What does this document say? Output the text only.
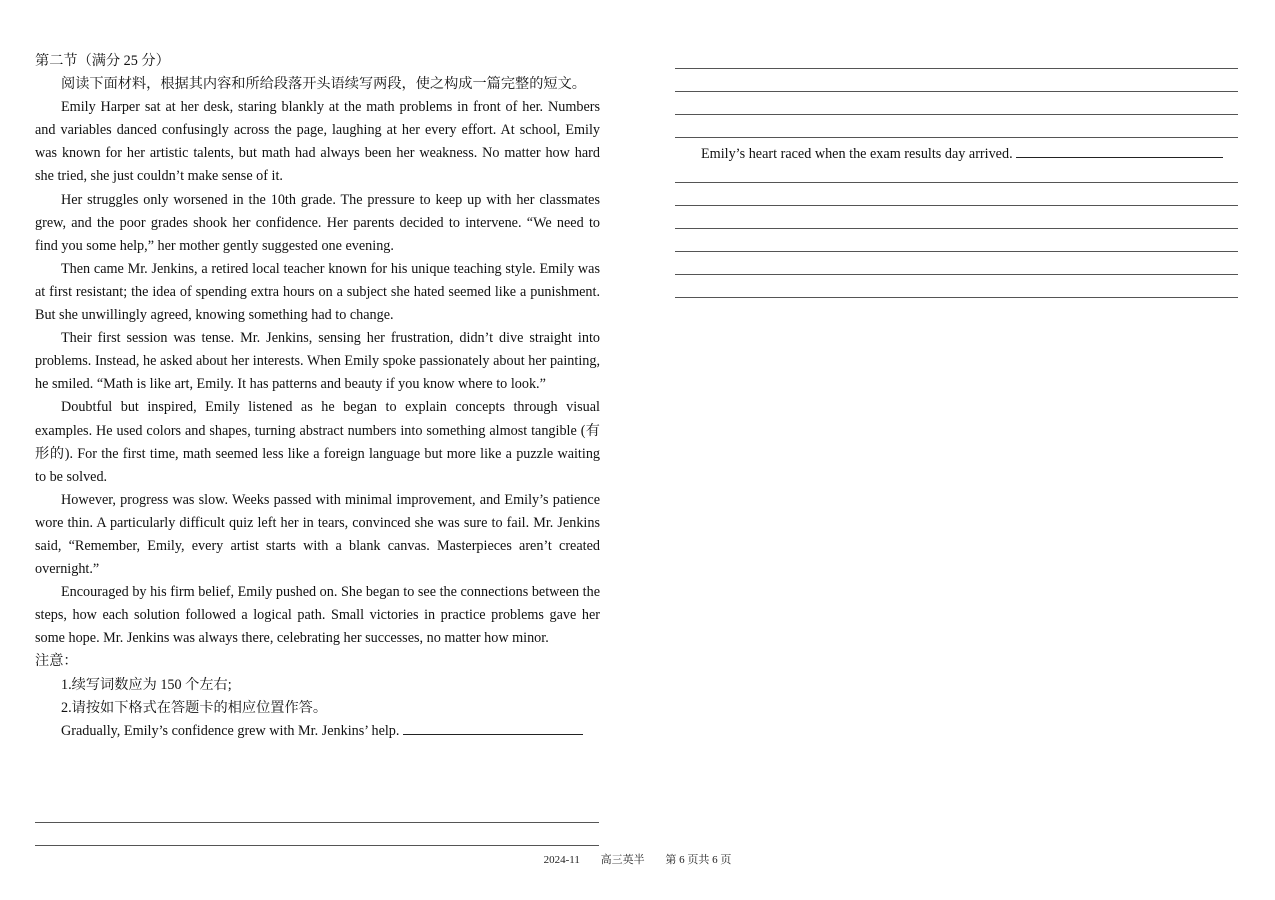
第二节（满分 25 分）

阅读下面材料，根据其内容和所给段落开头语续写两段，使之构成一篇完整的短文。

Emily Harper sat at her desk, staring blankly at the math problems in front of her. Numbers and variables danced confusingly across the page, laughing at her every effort. At school, Emily was known for her artistic talents, but math had always been her weakness. No matter how hard she tried, she just couldn’t make sense of it.

Her struggles only worsened in the 10th grade. The pressure to keep up with her classmates grew, and the poor grades shook her confidence. Her parents decided to intervene. “We need to find you some help,” her mother gently suggested one evening.

Then came Mr. Jenkins, a retired local teacher known for his unique teaching style. Emily was at first resistant; the idea of spending extra hours on a subject she hated seemed like a punishment. But she unwillingly agreed, knowing something had to change.

Their first session was tense. Mr. Jenkins, sensing her frustration, didn’t dive straight into problems. Instead, he asked about her interests. When Emily spoke passionately about her painting, he smiled. “Math is like art, Emily. It has patterns and beauty if you know where to look.”

Doubtful but inspired, Emily listened as he began to explain concepts through visual examples. He used colors and shapes, turning abstract numbers into something almost tangible (有形的). For the first time, math seemed less like a foreign language but more like a puzzle waiting to be solved.

However, progress was slow. Weeks passed with minimal improvement, and Emily’s patience wore thin. A particularly difficult quiz left her in tears, convinced she was sure to fail. Mr. Jenkins said, “Remember, Emily, every artist starts with a blank canvas. Masterpieces aren’t created overnight.”

Encouraged by his firm belief, Emily pushed on. She began to see the connections between the steps, how each solution followed a logical path. Small victories in practice problems gave her some hope. Mr. Jenkins was always there, celebrating her successes, no matter how minor.

注意：

1.续写词数应为 150 个左右;

2.请按如下格式在答题卡的相应位置作答。

Gradually, Emily’s confidence grew with Mr. Jenkins’ help.

Emily’s heart raced when the exam results day arrived.
2024-11 高三英半 第 6 页共 6 页
